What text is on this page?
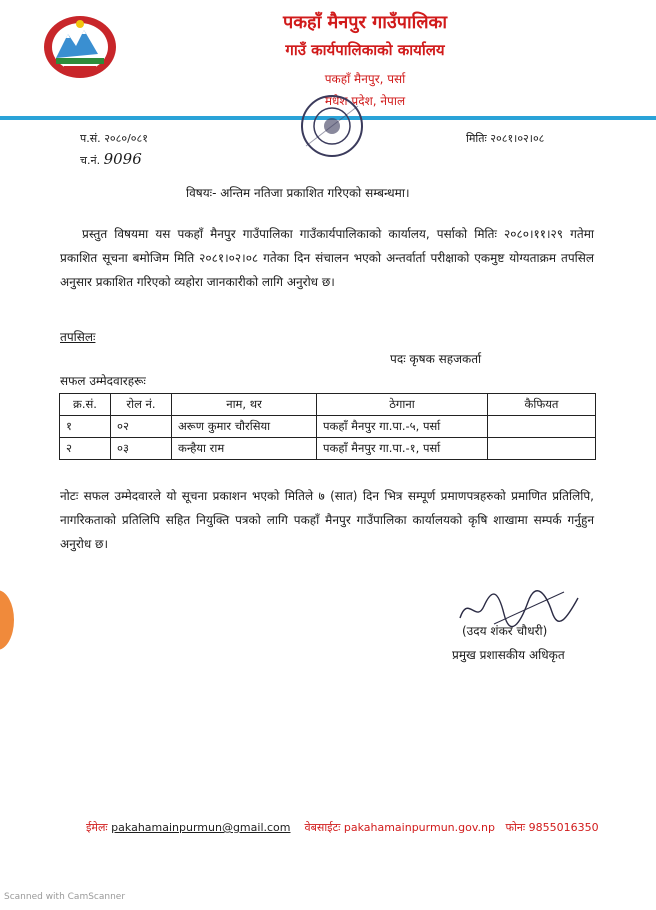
पकहाँ मैनपुर गाउँपालिका
गाउँ कार्यपालिकाको कार्यालय
पकहाँ मैनपुर, पर्सा
मधेश प्रदेश, नेपाल
प.सं. २०८०/०८१
च.नं. 9096
मितिः २०८१।०२।०८
विषयः- अन्तिम नतिजा प्रकाशित गरिएको सम्बन्धमा।
प्रस्तुत विषयमा यस पकहाँ मैनपुर गाउँपालिका गाउँकार्यपालिकाको कार्यालय, पर्साको मितिः २०८०।११।२९ गतेमा प्रकाशित सूचना बमोजिम मिति २०८१।०२।०८ गतेका दिन संचालन भएको अन्तर्वार्ता परीक्षाको एकमुष्ट योग्यताक्रम तपसिल अनुसार प्रकाशित गरिएको व्यहोरा जानकारीको लागि अनुरोध छ।
तपसिलः
पदः कृषक सहजकर्ता
सफल उम्मेदवारहरूः
क्र.सं.	रोल नं.	नाम, थर	ठेगाना	कैफियत
१	०२	अरूण कुमार चौरसिया	पकहाँ मैनपुर गा.पा.-५, पर्सा	
२	०३	कन्हैया राम	पकहाँ मैनपुर गा.पा.-१, पर्सा	
नोटः सफल उम्मेदवारले यो सूचना प्रकाशन भएको मितिले ७ (सात) दिन भित्र सम्पूर्ण प्रमाणपत्रहरुको प्रमाणित प्रतिलिपि, नागरिकताको प्रतिलिपि सहित नियुक्ति पत्रको लागि पकहाँ मैनपुर गाउँपालिका कार्यालयको कृषि शाखामा सम्पर्क गर्नुहुन अनुरोध छ।
(उदय शंकर चौधरी)
प्रमुख प्रशासकीय अधिकृत
ईमेलः pakahamainpurmun@gmail.com वेबसाईटः pakahamainpurmun.gov.np फोनः 9855016350
Scanned with CamScanner
